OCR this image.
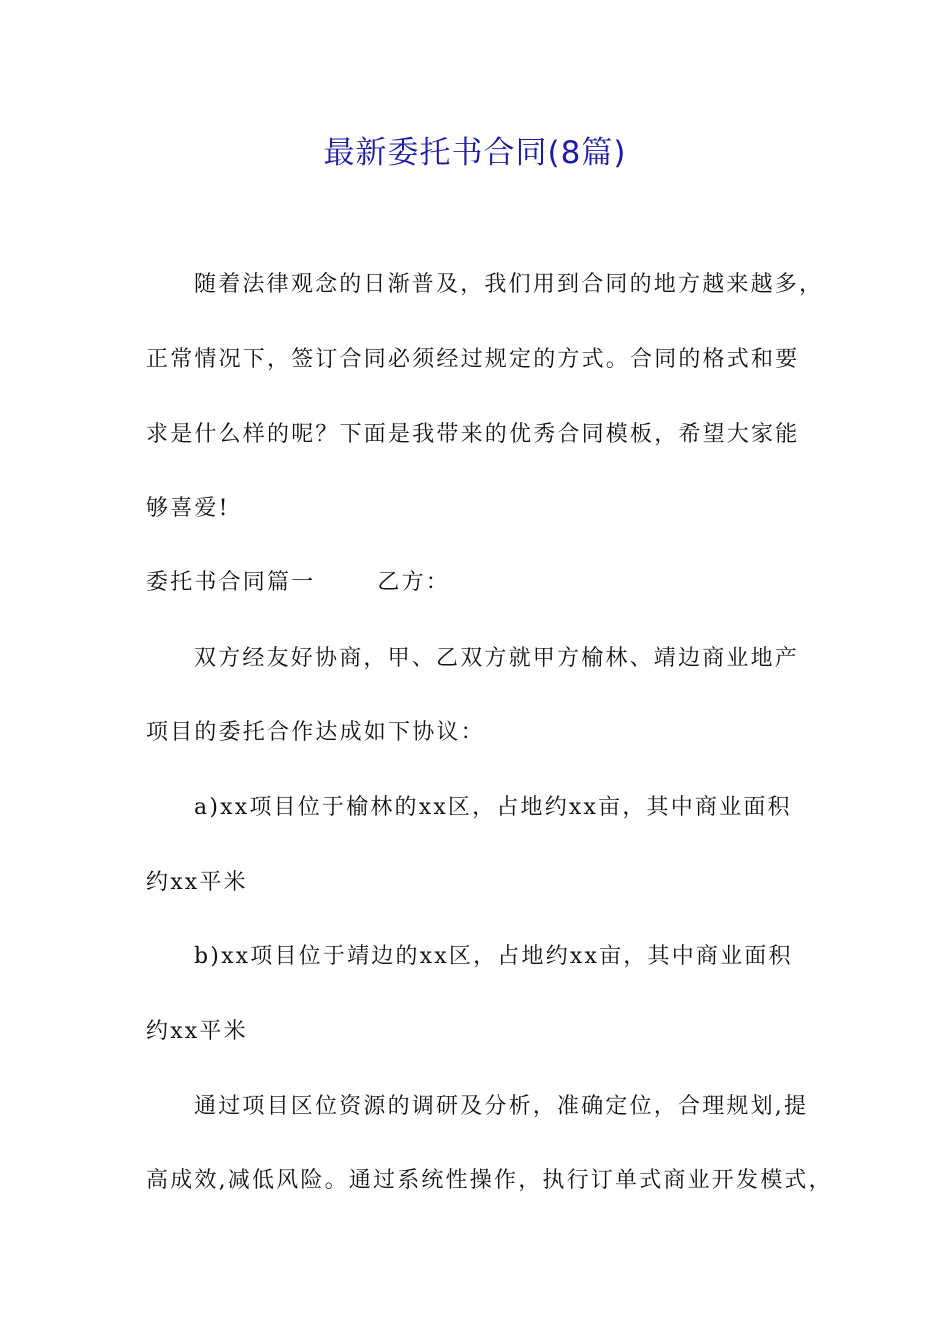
最新委托书合同(8篇)
随着法律观念的日渐普及，我们用到合同的地方越来越多，
正常情况下，签订合同必须经过规定的方式。合同的格式和要
求是什么样的呢？下面是我带来的优秀合同模板，希望大家能
够喜爱!
委托书合同篇一	乙方：
双方经友好协商，甲、乙双方就甲方榆林、靖边商业地产
项目的委托合作达成如下协议：
a)xx项目位于榆林的xx区，占地约xx亩，其中商业面积
约xx平米
b)xx项目位于靖边的xx区，占地约xx亩，其中商业面积
约xx平米
通过项目区位资源的调研及分析，准确定位，合理规划,提
高成效,减低风险。通过系统性操作，执行订单式商业开发模式，
